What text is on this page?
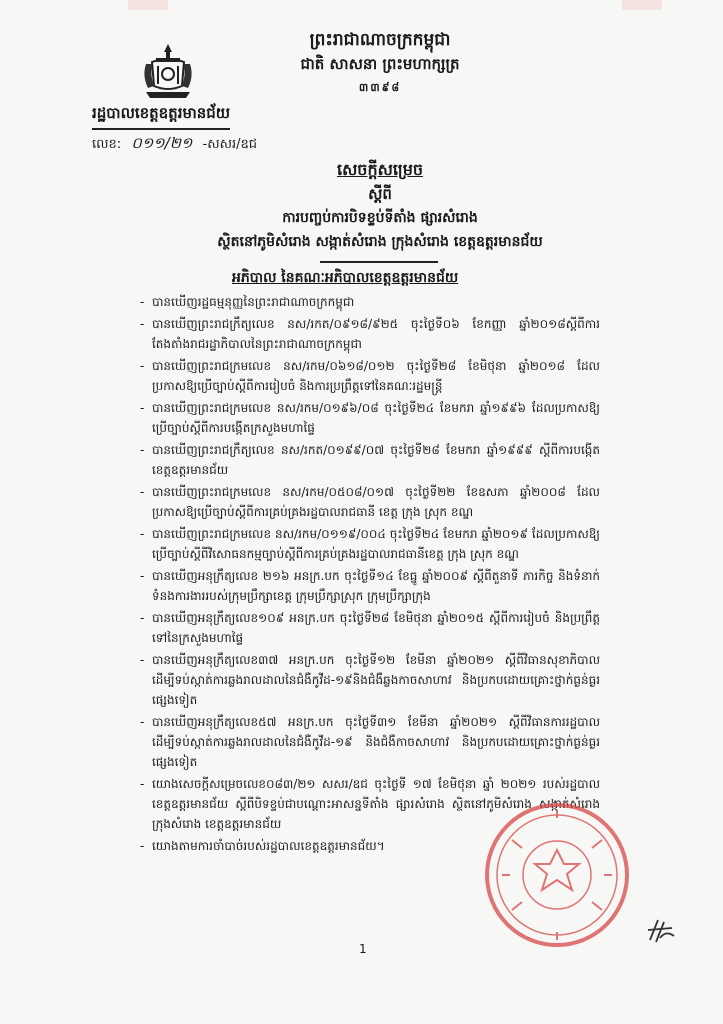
ព្រះរាជាណាចក្រកម្ពុជា
ជាតិ សាសនា ព្រះមហាក្សត្រ
៣៣៩៨
រដ្ឋបាលខេត្តឧត្តរមានជ័យ
លេខ: ០១១/២១ -សសរ/ឧជ
សេចក្ដីសម្រេច
ស្ដីពី
ការបញ្ចប់ការបិទខ្ទប់ទីតាំង ផ្សារសំរោង
ស្ថិតនៅភូមិសំរោង សង្កាត់សំរោង ក្រុងសំរោង ខេត្តឧត្តរមានជ័យ
អភិបាល នៃគណៈអភិបាលខេត្តឧត្តរមានជ័យ
- បានឃើញរដ្ឋធម្មនុញ្ញនៃព្រះរាជាណាចក្រកម្ពុជា
- បានឃើញព្រះរាជក្រឹត្យលេខ នស/រកត/០៩១៨/៩២៥ ចុះថ្ងៃទី០៦ ខែកញ្ញា ឆ្នាំ២០១៨ស្ដីពីការតែងតាំងរាជរដ្ឋាភិបាលនៃព្រះរាជាណាចក្រកម្ពុជា
- បានឃើញព្រះរាជក្រមលេខ នស/រកម/០៦១៨/០១២ ចុះថ្ងៃទី២៨ ខែមិថុនា ឆ្នាំ២០១៨ ដែលប្រកាសឱ្យប្រើច្បាប់ស្ដីពីការរៀបចំ និងការប្រព្រឹត្តទៅនៃគណៈរដ្ឋមន្ត្រី
- បានឃើញព្រះរាជក្រមលេខ នស/រកម/០១៩៦/០៨ ចុះថ្ងៃទី២៤ ខែមករា ឆ្នាំ១៩៩៦ ដែលប្រកាសឱ្យប្រើច្បាប់ស្ដីពីការបង្កើតក្រសួងមហាផ្ទៃ
- បានឃើញព្រះរាជក្រឹត្យលេខ នស/រកត/០១៩៩/០៧ ចុះថ្ងៃទី២៨ ខែមករា ឆ្នាំ១៩៩៩ ស្ដីពីការបង្កើតខេត្តឧត្តរមានជ័យ
- បានឃើញព្រះរាជក្រមលេខ នស/រកម/០៥០៨/០១៧ ចុះថ្ងៃទី២២ ខែឧសភា ឆ្នាំ២០០៨ ដែលប្រកាសឱ្យប្រើច្បាប់ស្ដីពីការគ្រប់គ្រងរដ្ឋបាលរាជធានី ខេត្ត ក្រុង ស្រុក ខណ្ឌ
- បានឃើញព្រះរាជក្រមលេខ នស/រកម/០១១៩/០០៤ ចុះថ្ងៃទី២៤ ខែមករា ឆ្នាំ២០១៩ ដែលប្រកាសឱ្យប្រើច្បាប់ស្ដីពីវិសោធនកម្មច្បាប់ស្ដីពីការគ្រប់គ្រងរដ្ឋបាលរាជធានីខេត្ត ក្រុង ស្រុក ខណ្ឌ
- បានឃើញអនុក្រឹត្យលេខ ២១៦ អនក្រ.បក ចុះថ្ងៃទី១៤ ខែធ្នូ ឆ្នាំ២០០៩ ស្ដីពីតួនាទី ភារកិច្ច និងទំនាក់ទំនងការងាររបស់ក្រុមប្រឹក្សាខេត្ត ក្រុមប្រឹក្សាស្រុក ក្រុមប្រឹក្សាក្រុង
- បានឃើញអនុក្រឹត្យលេខ១០៩ អនក្រ.បក ចុះថ្ងៃទី២៨ ខែមិថុនា ឆ្នាំ២០១៥ ស្ដីពីការរៀបចំ និងប្រព្រឹត្តទៅនៃក្រសួងមហាផ្ទៃ
- បានឃើញអនុក្រឹត្យលេខ៣៧ អនក្រ.បក ចុះថ្ងៃទី១២ ខែមីនា ឆ្នាំ២០២១ ស្ដីពីវិធានសុខាភិបាល ដើម្បីទប់ស្កាត់ការឆ្លងរាលដាលនៃជំងឺកូវីដ-១៩និងជំងឺឆ្លងកាចសាហាវ និងប្រកបដោយគ្រោះថ្នាក់ធ្ងន់ធ្ងរផ្សេងទៀត
- បានឃើញអនុក្រឹត្យលេខ៥៧ អនក្រ.បក ចុះថ្ងៃទី៣១ ខែមីនា ឆ្នាំ២០២១ ស្ដីពីវិធានការរដ្ឋបាល ដើម្បីទប់ស្កាត់ការឆ្លងរាលដាលនៃជំងឺកូវីដ-១៩ និងជំងឺកាចសាហាវ និងប្រកបដោយគ្រោះថ្នាក់ធ្ងន់ធ្ងរផ្សេងទៀត
- យោងសេចក្ដីសម្រេចលេខ០៨៣/២១ សសរ/ឧជ ចុះថ្ងៃទី ១៧ ខែមិថុនា ឆ្នាំ ២០២១ របស់រដ្ឋបាលខេត្តឧត្តរមានជ័យ ស្ដីពីបិទខ្ទប់ជាបណ្ដោះអាសន្នទីតាំង ផ្សារសំរោង ស្ថិតនៅភូមិសំរោង សង្កាត់សំរោង ក្រុងសំរោង ខេត្តឧត្តរមានជ័យ
- យោងតាមការចាំបាច់របស់រដ្ឋបាលខេត្តឧត្តរមានជ័យ។
1
